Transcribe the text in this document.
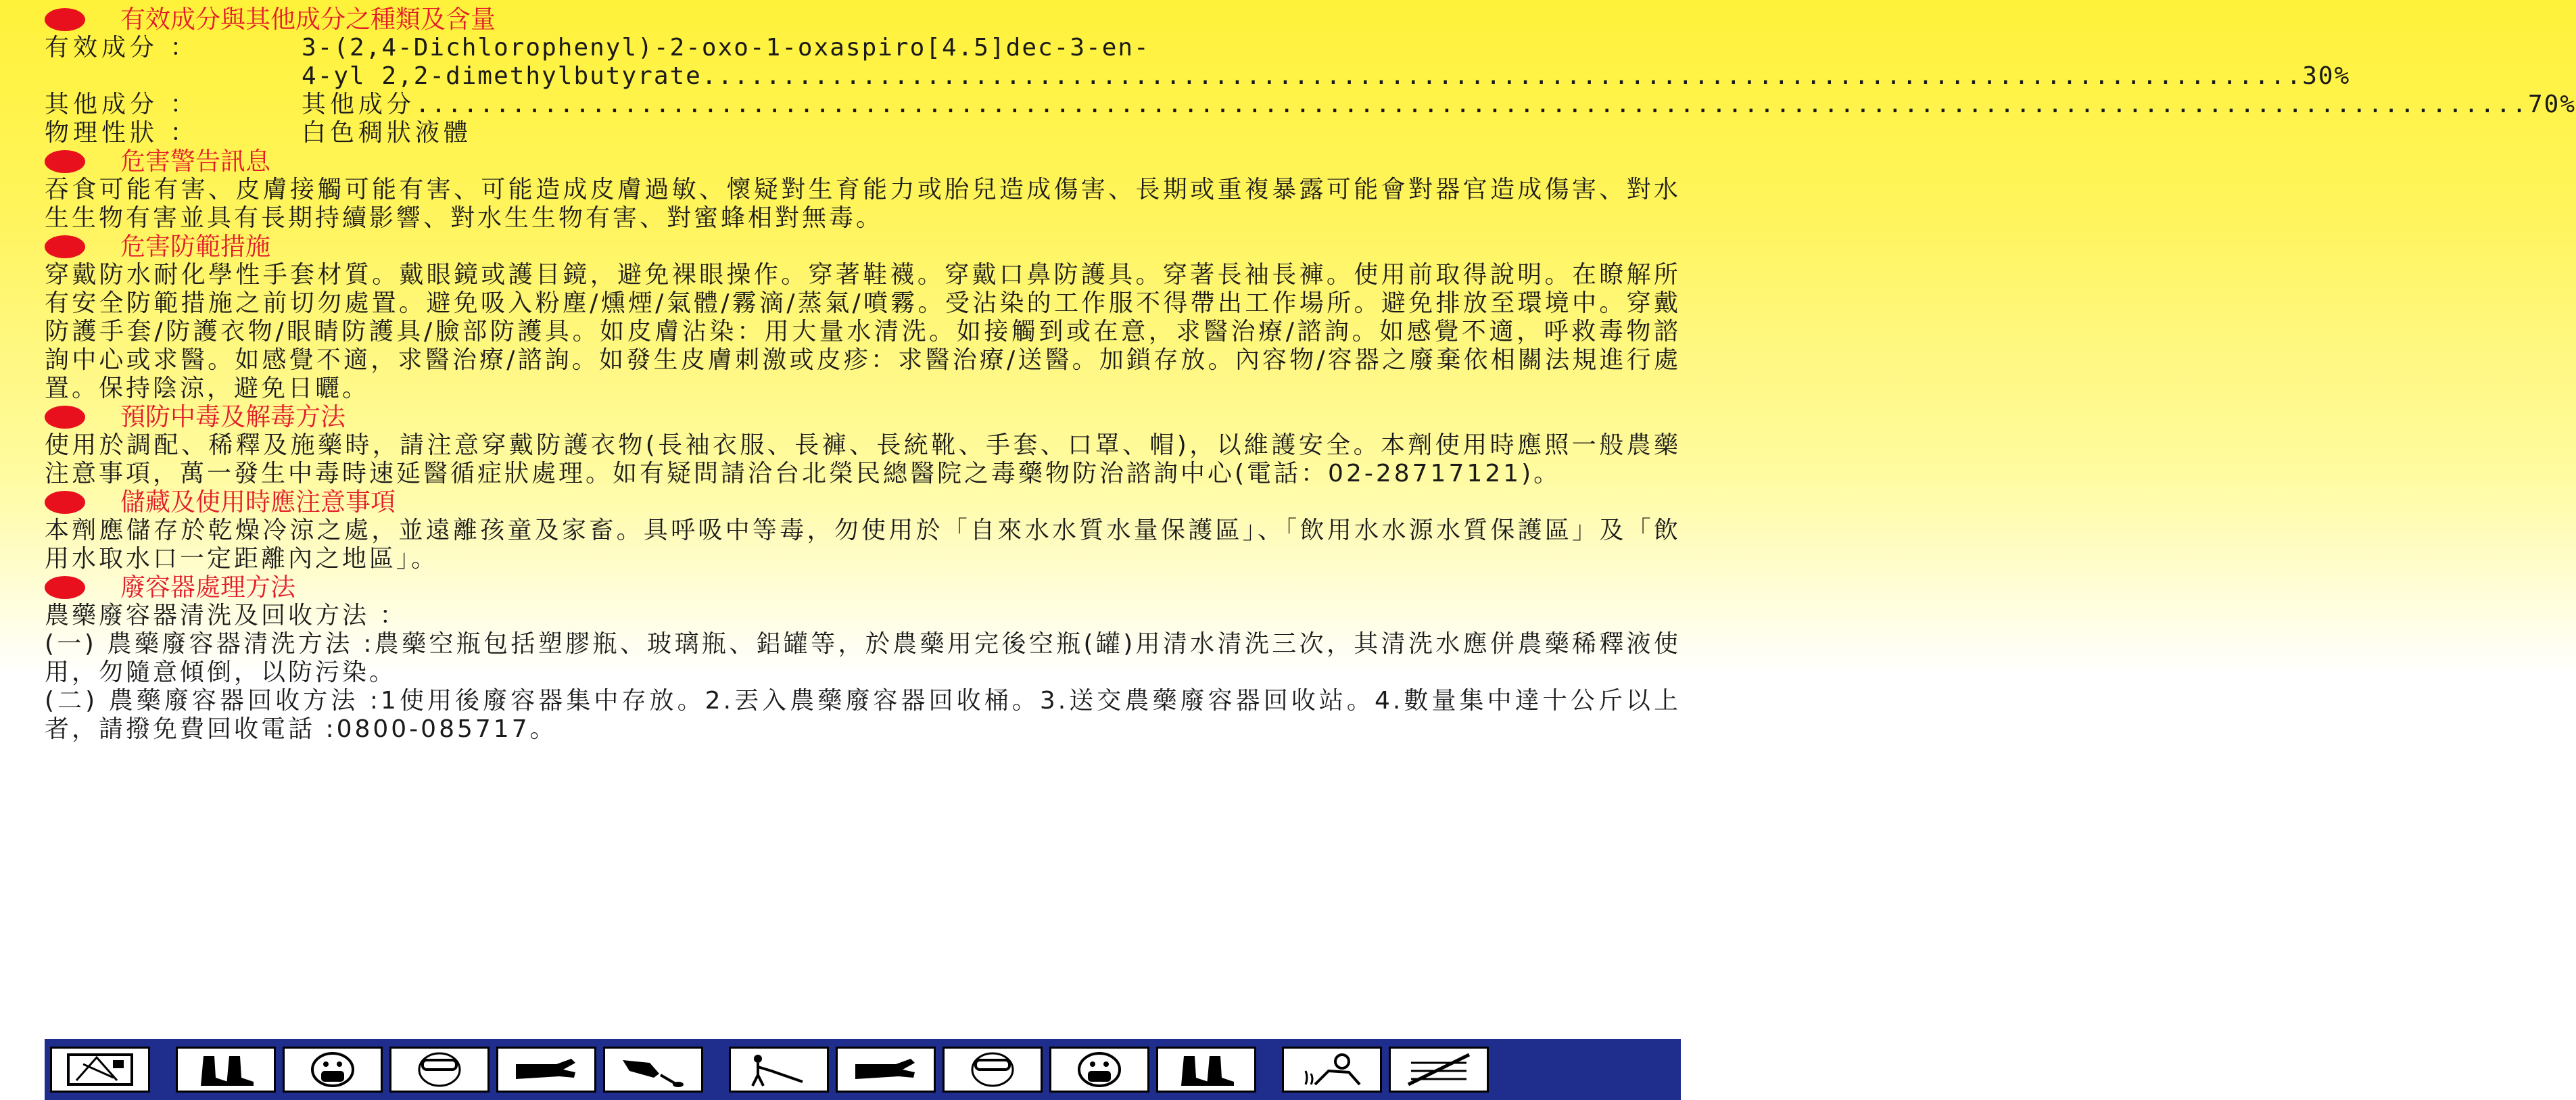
有效成分與其他成分之種類及含量
有效成分 ：	3-(2,4-Dichlorophenyl)-2-oxo-1-oxaspiro[4.5]dec-3-en-
4-yl 2,2-dimethylbutyrate .................................................................................................... 30%
其他成分 ：	其他成分 .................................................................................................................................... 70%
物理性狀 ：	白色稠狀液體
危害警告訊息
吞食可能有害、皮膚接觸可能有害、可能造成皮膚過敏、懷疑對生育能力或胎兒造成傷害、長期或重複暴露可能會對器官造成傷害、對水生生物有害並具有長期持續影響、對水生生物有害、對蜜蜂相對無毒。
危害防範措施
穿戴防水耐化學性手套材質。戴眼鏡或護目鏡，避免裸眼操作。穿著鞋襪。穿戴口鼻防護具。穿著長袖長褲。使用前取得說明。在瞭解所有安全防範措施之前切勿處置。避免吸入粉塵/燻煙/氣體/霧滴/蒸氣/噴霧。受沾染的工作服不得帶出工作場所。避免排放至環境中。穿戴防護手套/防護衣物/眼睛防護具/臉部防護具。如皮膚沾染：用大量水清洗。如接觸到或在意，求醫治療/諮詢。如感覺不適，呼救毒物諮詢中心或求醫。如感覺不適，求醫治療/諮詢。如發生皮膚刺激或皮疹：求醫治療/送醫。加鎖存放。內容物/容器之廢棄依相關法規進行處置。保持陰涼，避免日曬。
預防中毒及解毒方法
使用於調配、稀釋及施藥時，請注意穿戴防護衣物(長袖衣服、長褲、長統靴、手套、口罩、帽)，以維護安全。本劑使用時應照一般農藥注意事項，萬一發生中毒時速延醫循症狀處理。如有疑問請洽台北榮民總醫院之毒藥物防治諮詢中心(電話：02-28717121)。
儲藏及使用時應注意事項
本劑應儲存於乾燥冷涼之處，並遠離孩童及家畜。具呼吸中等毒，勿使用於「自來水水質水量保護區」、「飲用水水源水質保護區」及「飲用水取水口一定距離內之地區」。
廢容器處理方法
農藥廢容器清洗及回收方法 ：
(一) 農藥廢容器清洗方法 :農藥空瓶包括塑膠瓶、玻璃瓶、鋁罐等，於農藥用完後空瓶(罐)用清水清洗三次，其清洗水應併農藥稀釋液使用，勿隨意傾倒，以防污染。
(二) 農藥廢容器回收方法 :1使用後廢容器集中存放。2.丟入農藥廢容器回收桶。3.送交農藥廢容器回收站。4.數量集中達十公斤以上者，請撥免費回收電話 :0800-085717。
